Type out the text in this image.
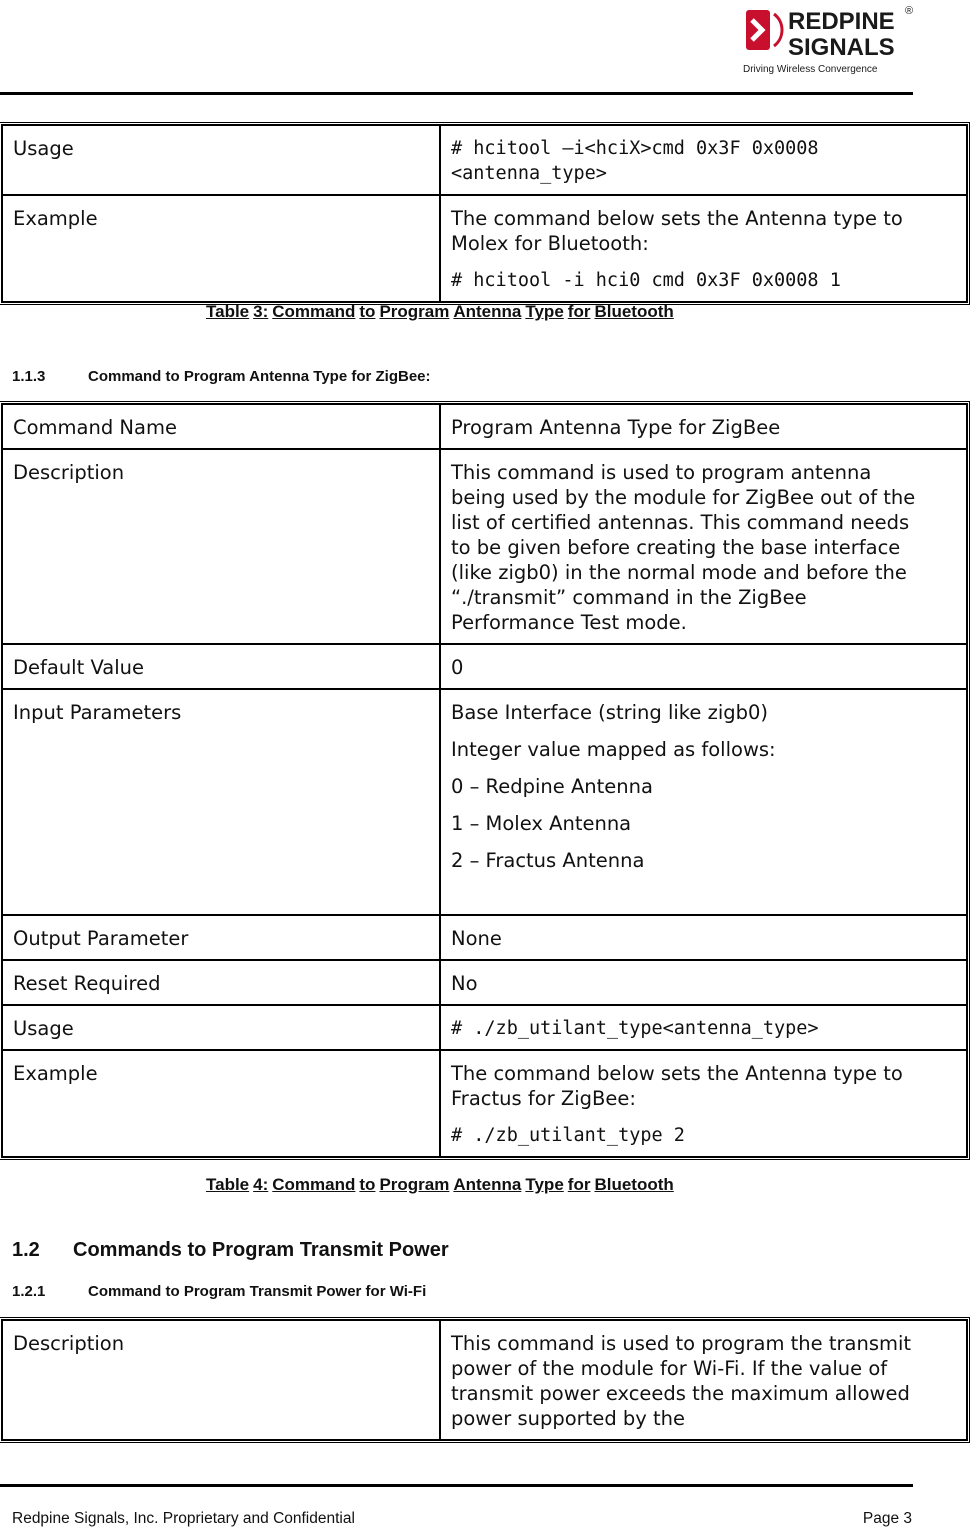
REDPINE
SIGNALS
®
Driving Wireless Convergence
Usage	# hcitool –i<hciX>cmd 0x3F 0x0008 <antenna_type>

Example	The command below sets the Antenna type to Molex for Bluetooth:
# hcitool -i hci0 cmd 0x3F 0x0008 1
Table 3: Command to Program Antenna Type for Bluetooth
1.1.3	Command to Program Antenna Type for ZigBee:
Command Name	Program Antenna Type for ZigBee
Description	This command is used to program antenna being used by the module for ZigBee out of the list of certified antennas. This command needs to be given before creating the base interface (like zigb0) in the normal mode and before the “./transmit” command in the ZigBee Performance Test mode.
Default Value	0
Input Parameters	Base Interface (string like zigb0)
Integer value mapped as follows:
0 – Redpine Antenna
1 – Molex Antenna
2 – Fractus Antenna

Output Parameter	None
Reset Required	No
Usage	# ./zb_utilant_type<antenna_type>

Example	The command below sets the Antenna type to Fractus for ZigBee:
# ./zb_utilant_type 2
Table 4: Command to Program Antenna Type for Bluetooth
1.2 Commands to Program Transmit Power
1.2.1	Command to Program Transmit Power for Wi-Fi
Description	This command is used to program the transmit power of the module for Wi-Fi. If the value of transmit power exceeds the maximum allowed power supported by the
Redpine Signals, Inc. Proprietary and Confidential	Page 3
